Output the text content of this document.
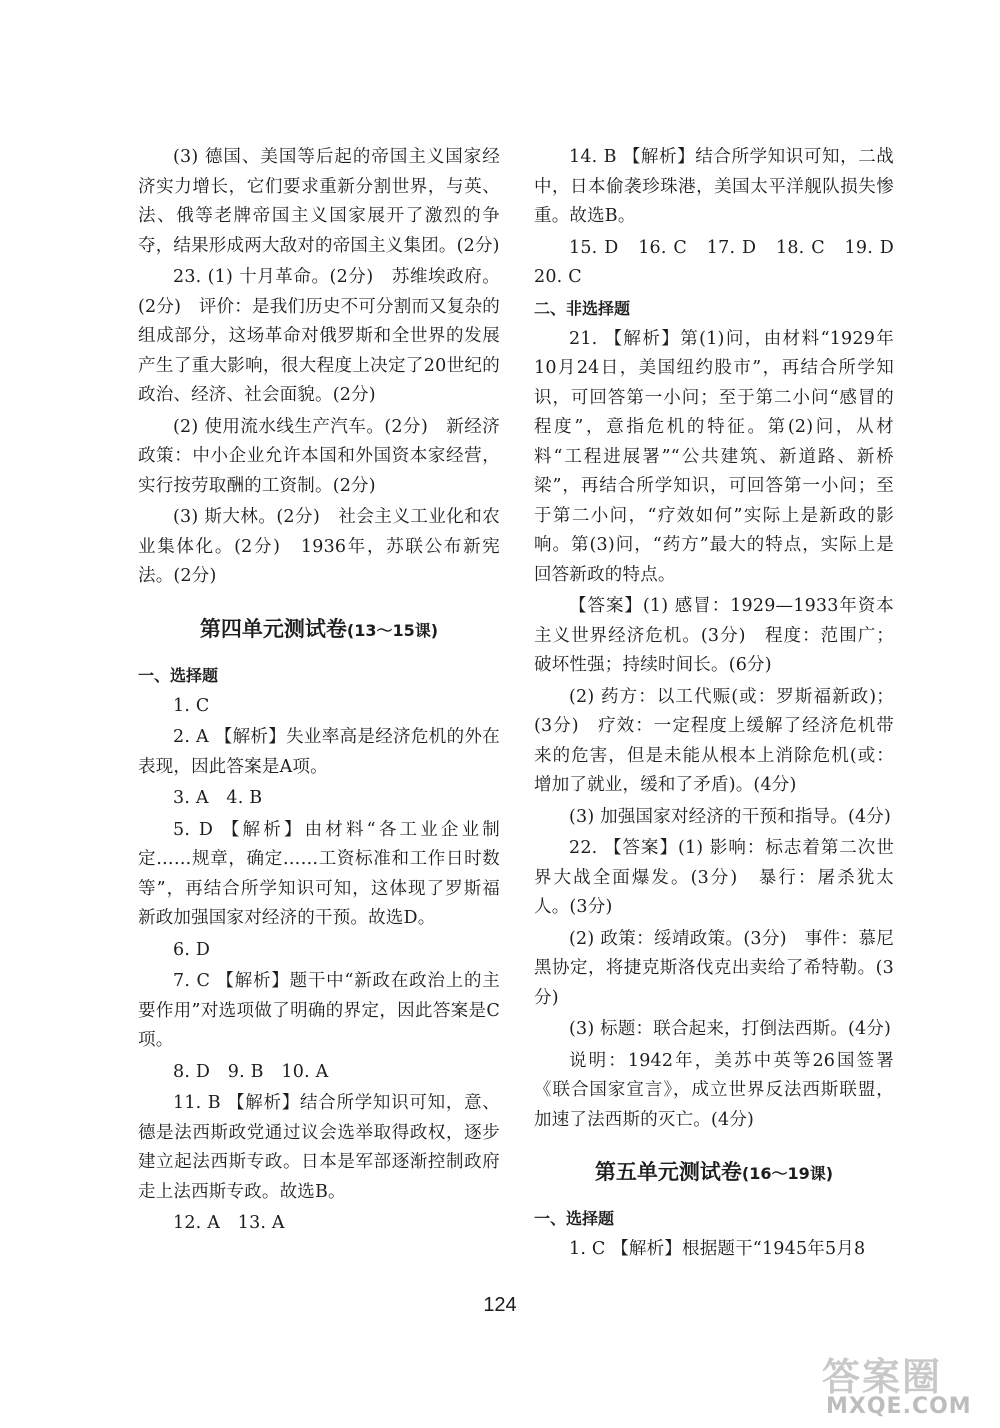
(3) 德国、美国等后起的帝国主义国家经济实力增长，它们要求重新分割世界，与英、法、俄等老牌帝国主义国家展开了激烈的争夺，结果形成两大敌对的帝国主义集团。(2分)

23. (1) 十月革命。(2分)　苏维埃政府。(2分)　评价：是我们历史不可分割而又复杂的组成部分，这场革命对俄罗斯和全世界的发展产生了重大影响，很大程度上决定了20世纪的政治、经济、社会面貌。(2分)

(2) 使用流水线生产汽车。(2分)　新经济政策：中小企业允许本国和外国资本家经营，实行按劳取酬的工资制。(2分)

(3) 斯大林。(2分)　社会主义工业化和农业集体化。(2分)　1936年，苏联公布新宪法。(2分)

第四单元测试卷(13～15课)
一、选择题

1. C

2. A 【解析】失业率高是经济危机的外在表现，因此答案是A项。

3. A　4. B

5. D 【解析】由材料“各工业企业制定……规章，确定……工资标准和工作日时数等”，再结合所学知识可知，这体现了罗斯福新政加强国家对经济的干预。故选D。

6. D

7. C 【解析】题干中“新政在政治上的主要作用”对选项做了明确的界定，因此答案是C项。

8. D　9. B　10. A

11. B 【解析】结合所学知识可知，意、德是法西斯政党通过议会选举取得政权，逐步建立起法西斯专政。日本是军部逐渐控制政府走上法西斯专政。故选B。

12. A　13. A

14. B 【解析】结合所学知识可知，二战中，日本偷袭珍珠港，美国太平洋舰队损失惨重。故选B。

15. D　16. C　17. D　18. C　19. D　20. C

二、非选择题

21. 【解析】第(1)问，由材料“1929年10月24日，美国纽约股市”，再结合所学知识，可回答第一小问；至于第二小问“感冒的程度”，意指危机的特征。第(2)问，从材料“工程进展署”“公共建筑、新道路、新桥梁”，再结合所学知识，可回答第一小问；至于第二小问，“疗效如何”实际上是新政的影响。第(3)问，“药方”最大的特点，实际上是回答新政的特点。

【答案】(1) 感冒：1929—1933年资本主义世界经济危机。(3分)　程度：范围广；破坏性强；持续时间长。(6分)

(2) 药方：以工代赈(或：罗斯福新政)；(3分)　疗效：一定程度上缓解了经济危机带来的危害，但是未能从根本上消除危机(或：增加了就业，缓和了矛盾)。(4分)

(3) 加强国家对经济的干预和指导。(4分)

22. 【答案】(1) 影响：标志着第二次世界大战全面爆发。(3分)　暴行：屠杀犹太人。(3分)

(2) 政策：绥靖政策。(3分)　事件：慕尼黑协定，将捷克斯洛伐克出卖给了希特勒。(3分)

(3) 标题：联合起来，打倒法西斯。(4分)

说明：1942年，美苏中英等26国签署《联合国家宣言》，成立世界反法西斯联盟，加速了法西斯的灭亡。(4分)

第五单元测试卷(16～19课)
一、选择题

1. C 【解析】根据题干“1945年5月8

124
答案圈
MXQE.COM
